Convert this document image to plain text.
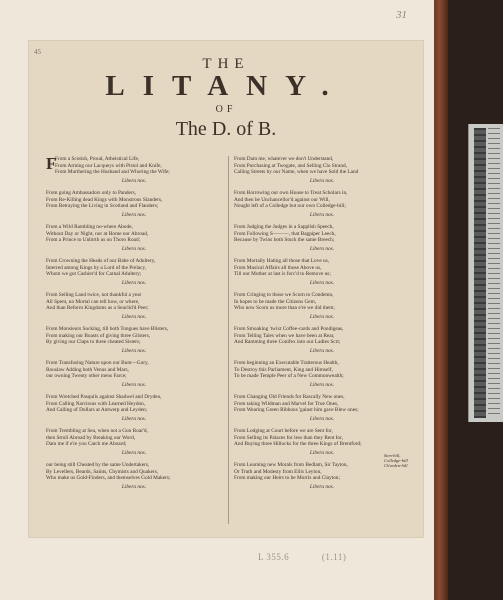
31
THE
LITANY.
OF
The D. of B.
F
From a Scotish, Proud, Atheistical Life,
From Arming our Lacqueys with Pistol and Knife,
From Murthering the Husband and Whoring the Wife;
Libera nos.
From going Ambassadors only to Panders,
From Re-Killing dead Kings with Monstrous Slanders,
From Betraying the Living in Scotland and Flanders;
Libera nos.
From a Wild Rambling no-where Abode,
Without Day or Night, nor at Home nor Abroad,
From a Prince to Unbirth us on Thoro Road;
Libera nos.
From Crowning the Heads of our Babe of Adultery,
Interred among Kings by a Lord of the Prelacy,
Whom we got Cashier'd for Carnal Adultery;
Libera nos.
From Selling Land twice, not thankful a year
All Spent, no Mortal can tell how, or where,
And than Reform Kingdoms as a Seaclid'd Peer;
Libera nos.
From Monsieurs Sucking, till both Tongues have Blisters,
From making our Boasts of giving three Glisters,
By giving our Claps to three cheated Sisters;
Libera nos.
From Transfusing Nature upon our Bum—Gory,
Rouslaw Adding both Venus and Mars,
our owning Twenty other mens Farce;
Libera nos.
From Wretched Pasquils against Shadwel and Dryden,
From Calling Narcissus with Learned Heydon,
And Calling of Dollars at Antwerp and Leyden;
Libera nos.
From Trembling at Sea, when not a Gun Roar'd,
then Stroll Abroad by Breaking our Word,
Dam me if e're you Catch me Aboard;
Libera nos.
our being still Cheated by the same Undertakers,
By Levellers, Beards, Saints, Chymists and Quakers,
Who make us Gold-Finders, and themselves Gold Makers;
Libera nos.
From Dam me, whatever we don't Understand,
From Purchasing at Twogate, and Selling Clo Strand,
Calling Streets by our Name, when we have Sold the Land
Libera nos.
From Borrowing our own House to Treat Scholars in,
And then be Unchancellor'd against our Will,
Nought left of a Colledge but our own Colledge-bill;
Libera nos.
From Judging the Judges in a Sapplish Speech,
From Following S———, that Bagpiper Leech,
Because by Twins both Stuck the same Breech;
Libera nos.
From Mortally Hating all those that Love us,
From Musical Affairs all those Above us,
Till our Mother at last is forc'd to Remove us;
Libera nos.
From Cringing to those we Scorn to Condemn,
In hopes to be made the Citizens Gem,
Who now Scorn us more than e're we did them;
Libera nos.
From Smoaking 'twixt Coffee-cards and Pondigeas,
From Telling Tales when we have been at Rear,
And Ramming three Conifex into our Ladies Scrt;
Libera nos.
From beginning an Executable Traiterous Health,
To Destroy this Parliament, King and Himself,
To be made Temple Peer of a New Commonwealth;
Libera nos.
From Changing Old Friends for Rascally New ones,
From taking Wildman and Marvel for True Ones,
From Wearing Green Ribbons 'gainst him gave Blew ones;
Libera nos.
From Lodging at Court before we are Sent for,
From Selling its Palaces for less than they Rent for,
And Buying three Hillocks for the three Kings of Brentford;
Libera nos.
From Learning new Morals from Bedlam, Sir Tayton,
Or Truth and Modesty from Ellis Leyton,
From making our Heirs to be Morris and Clayton;
Libera nos.
Sten-hill, Colledge-hill Cliveden-hill
45
L 355.6	(1.11)
